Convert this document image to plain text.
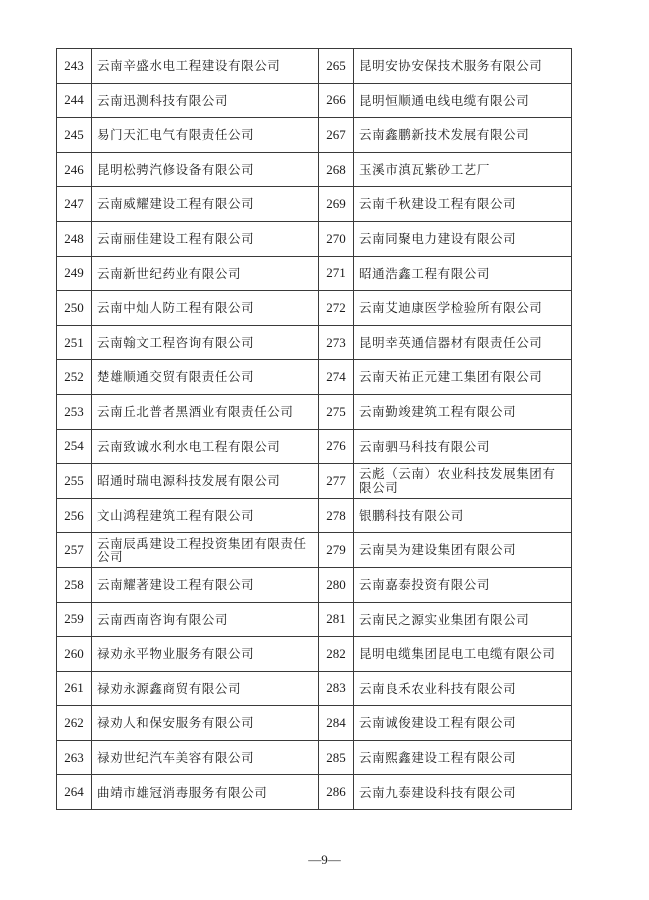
243	云南辛盛水电工程建设有限公司	265	昆明安协安保技术服务有限公司
244	云南迅测科技有限公司	266	昆明恒顺通电线电缆有限公司
245	易门天汇电气有限责任公司	267	云南鑫鹏新技术发展有限公司
246	昆明松骋汽修设备有限公司	268	玉溪市滇瓦紫砂工艺厂
247	云南威耀建设工程有限公司	269	云南千秋建设工程有限公司
248	云南丽佳建设工程有限公司	270	云南同聚电力建设有限公司
249	云南新世纪药业有限公司	271	昭通浩鑫工程有限公司
250	云南中灿人防工程有限公司	272	云南艾迪康医学检验所有限公司
251	云南翰文工程咨询有限公司	273	昆明幸英通信器材有限责任公司
252	楚雄顺通交贸有限责任公司	274	云南天祐正元建工集团有限公司
253	云南丘北普者黑酒业有限责任公司	275	云南勤竣建筑工程有限公司
254	云南致诚水利水电工程有限公司	276	云南驷马科技有限公司
255	昭通时瑞电源科技发展有限公司	277	云彪（云南）农业科技发展集团有限公司
256	文山鸿程建筑工程有限公司	278	银鹏科技有限公司
257	云南辰禹建设工程投资集团有限责任公司	279	云南昊为建设集团有限公司
258	云南耀著建设工程有限公司	280	云南嘉泰投资有限公司
259	云南西南咨询有限公司	281	云南民之源实业集团有限公司
260	禄劝永平物业服务有限公司	282	昆明电缆集团昆电工电缆有限公司
261	禄劝永源鑫商贸有限公司	283	云南良禾农业科技有限公司
262	禄劝人和保安服务有限公司	284	云南诚俊建设工程有限公司
263	禄劝世纪汽车美容有限公司	285	云南熙鑫建设工程有限公司
264	曲靖市雄冠消毒服务有限公司	286	云南九泰建设科技有限公司
—9—
